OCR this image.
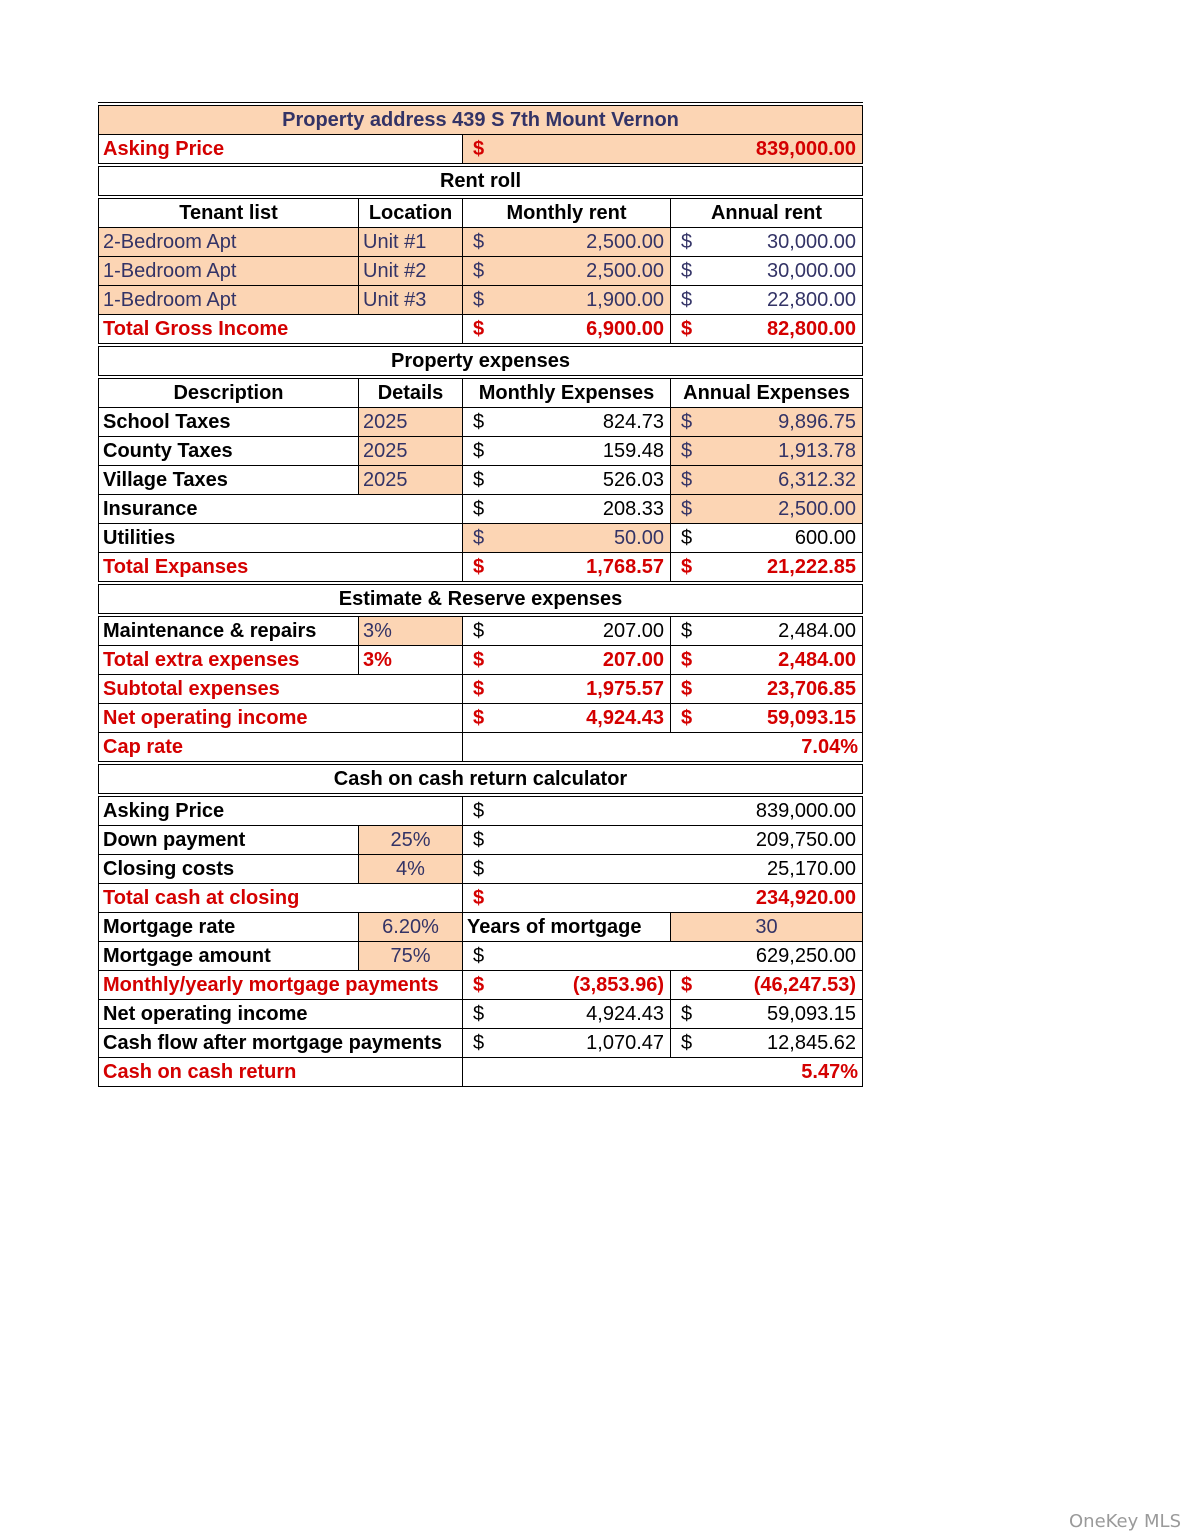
Property address 439 S 7th Mount Vernon			
Asking Price		$ 839,000.00	

Rent roll			
Tenant list	Location	Monthly rent	Annual rent
2-Bedroom Apt	Unit #1	$ 2,500.00	$ 30,000.00

1-Bedroom Apt	Unit #2	$ 2,500.00	$ 30,000.00

1-Bedroom Apt	Unit #3	$ 1,900.00	$ 22,800.00

Total Gross Income		$ 6,900.00	$ 82,800.00

Property expenses			
Description	Details	Monthly Expenses	Annual Expenses
School Taxes	2025	$ 824.73	$ 9,896.75

County Taxes	2025	$ 159.48	$ 1,913.78

Village Taxes	2025	$ 526.03	$ 6,312.32

Insurance		$ 208.33	$ 2,500.00

Utilities		$ 50.00	$ 600.00

Total Expanses		$ 1,768.57	$ 21,222.85

Estimate & Reserve expenses			
Maintenance & repairs	3%	$ 207.00	$ 2,484.00

Total extra expenses	3%	$ 207.00	$ 2,484.00

Subtotal expenses		$ 1,975.57	$ 23,706.85

Net operating income		$ 4,924.43	$ 59,093.15

Cap rate		7.04%	
Cash on cash return calculator			
Asking Price		$ 839,000.00	

Down payment	25%	$ 209,750.00	

Closing costs	4%	$ 25,170.00	

Total cash at closing		$ 234,920.00	

Mortgage rate	6.20%	Years of mortgage	30
Mortgage amount	75%	$ 629,250.00	

Monthly/yearly mortgage payments		$ (3,853.96)	$ (46,247.53)

Net operating income		$ 4,924.43	$ 59,093.15

Cash flow after mortgage payments		$ 1,070.47	$ 12,845.62

Cash on cash return		5.47%	
OneKey MLS
